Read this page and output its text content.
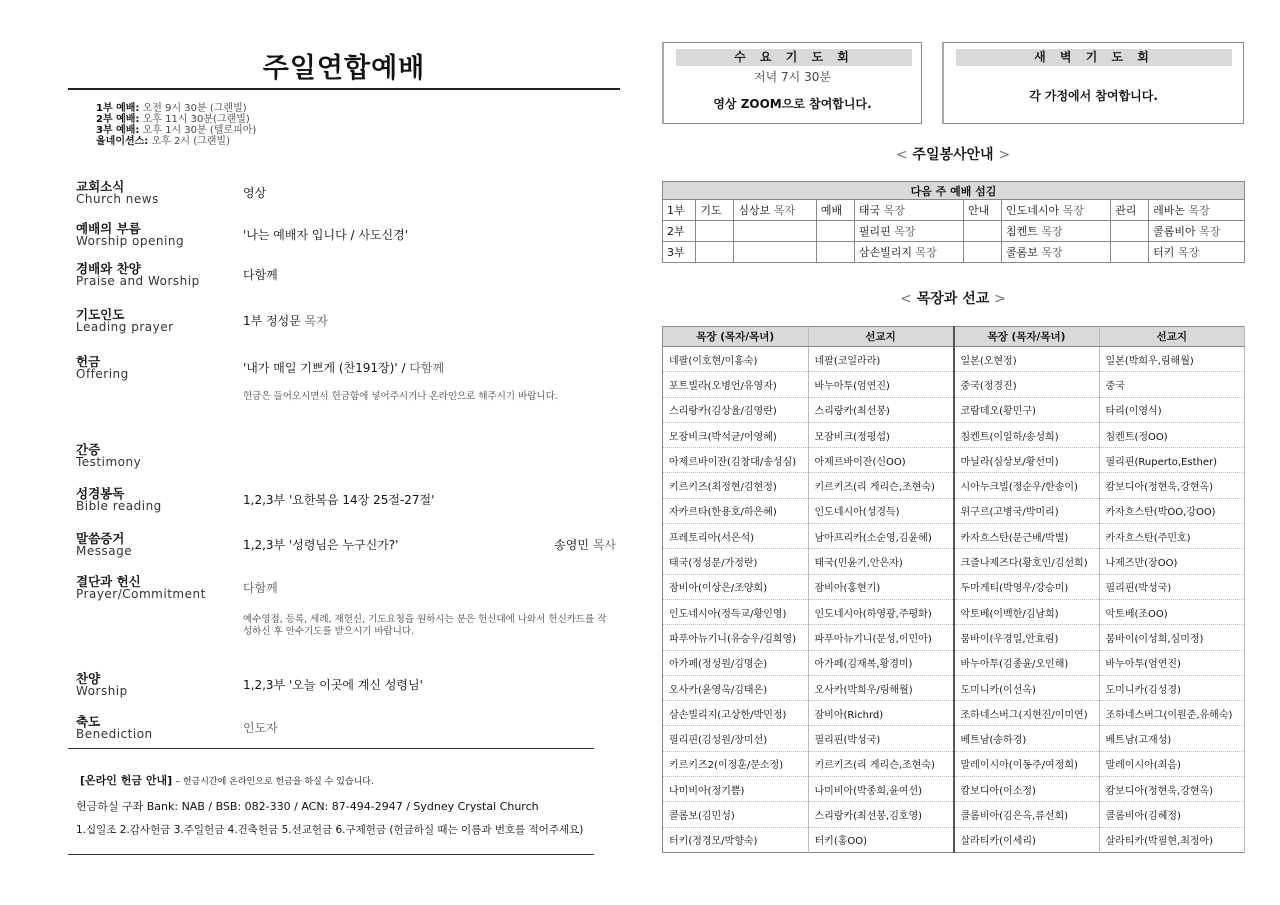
주일연합예배
1부 예배: 오전 9시 30분 (그랜빌)
2부 예배: 오후 11시 30분(그랜빌)
3부 예배: 오후 1시 30분 (텔로피아)
올네이션스: 오후 2시 (그랜빌)
교회소식
Church news	영상
예배의 부름
Worship opening	'나는 예배자 입니다 / 사도신경'
경배와 찬양
Praise and Worship	다함께
기도인도
Leading prayer	1부 정성문 목자
헌금
Offering	'내가 매일 기쁘게 (찬191장)' / 다함께
헌금은 들어오시면서 헌금함에 넣어주시거나 온라인으로 해주시기 바랍니다.
간증
Testimony
성경봉독
Bible reading	1,2,3부 '요한복음 14장 25절-27절'
말씀증거
Message	1,2,3부 '성령님은 누구신가?'	송영민 목사
결단과 헌신
Prayer/Commitment	다함께
예수영접, 등록, 세례, 재헌신, 기도요청을 원하시는 분은 헌신대에 나와서 헌신카드를 작성하신 후 안수기도를 받으시기 바랍니다.
찬양
Worship	1,2,3부 '오늘 이곳에 계신 성령님'
축도
Benediction	인도자
[온라인 헌금 안내] – 헌금시간에 온라인으로 헌금을 하실 수 있습니다.
헌금하실 구좌 Bank: NAB / BSB: 082-330 / ACN: 87-494-2947 / Sydney Crystal Church
1.십일조 2.감사헌금 3.주일헌금 4.건축헌금 5.선교헌금 6.구제헌금 (헌금하실 때는 이름과 번호를 적어주세요)
수 요 기 도 회
저녁 7시 30분
영상 ZOOM으로 참여합니다.
새 벽 기 도 회
각 가정에서 참여합니다.
< 주일봉사안내 >
다음 주 예배 섬김								
1부	기도	심상보 목자	예배	태국 목장	안내	인도네시아 목장	관리	레바논 목장
2부				필리핀 목장		침켄트 목장		콜롬비아 목장
3부				삼손빌리지 목장		콜롬보 목장		터키 목장
< 목장과 선교 >
목장 (목자/목녀)	선교지	목장 (목자/목녀)	선교지
네팔(이호현/이홍숙)	네팔(코일라라)	일본(오현정)	일본(박희우,림해월)
포트빌라(오병언/유영자)	바누아투(엄연진)	중국(정경진)	중국
스리랑카(김상율/김영란)	스리랑카(최선봉)	코람데오(황민구)	타리(이영식)
모잠비크(박석균/이영혜)	모잠비크(정평섭)	침켄트(이일하/송성희)	침켄트(정OO)
아제르바이잔(김창대/송성심)	아제르바이잔(신OO)	마닐라(심상보/황선미)	필리핀(Ruperto,Esther)
키르키즈(최정현/김현정)	키르키즈(리 게리슨,조현숙)	시아누크빌(정순우/한송이)	캄보디아(정현욱,강현옥)
자카르타(한용호/하은혜)	인도네시아(성경득)	위구르(고병국/박미리)	카자흐스탄(박OO,강OO)
프레토리아(서은석)	남아프리카(소순영,김윤혜)	카자흐스탄(문근배/박별)	카자흐스탄(주민호)
태국(정성문/가정란)	태국(민윤기,안은자)	크즐나제즈다(황호인/김선희)	나제즈만(장OO)
잠비아(이상은/조양희)	잠비아(홍현기)	두마게티(박영우/강승미)	필리핀(박성국)
인도네시아(정득교/황인영)	인도네시아(하영광,주평화)	악토베(이백한/김남희)	악토베(조OO)
파푸아뉴기니(유승우/김희영)	파푸아뉴기니(문성,이민아)	뭄바이(우경일,안효림)	뭄바이(이성희,심미정)
아가페(정성원/김명순)	아가페(김재복,황경미)	바누아투(김종윤/오인해)	바누아투(엄연진)
오사카(윤영옥/김태은)	오사카(박희우/림해월)	도미니카(이선옥)	도미니카(김성경)
삼손빌리지(고상한/박민정)	잠비아(Richrd)	조하네스버그(지현진/이미연)	조하네스버그(이원준,유해숙)
필리핀(김성원/장미선)	필리핀(박성국)	베트남(송하경)	베트남(고재성)
키르키즈2(이정훈/문소정)	키르키즈(리 게리슨,조현숙)	말레이시아(이동주/여정희)	말레이시아(최음)
나미비아(정기쁨)	나미비아(박종희,윤여선)	캄보디아(이소정)	캄보디아(정현욱,강현옥)
콜롬보(김민성)	스리랑카(최선봉,김호영)	콜롬비아(김은옥,류선희)	콜롬비아(김혜정)
터키(정경모/박향숙)	터키(홍OO)	살라티카(이세리)	살라티카(박필현,최정아)
